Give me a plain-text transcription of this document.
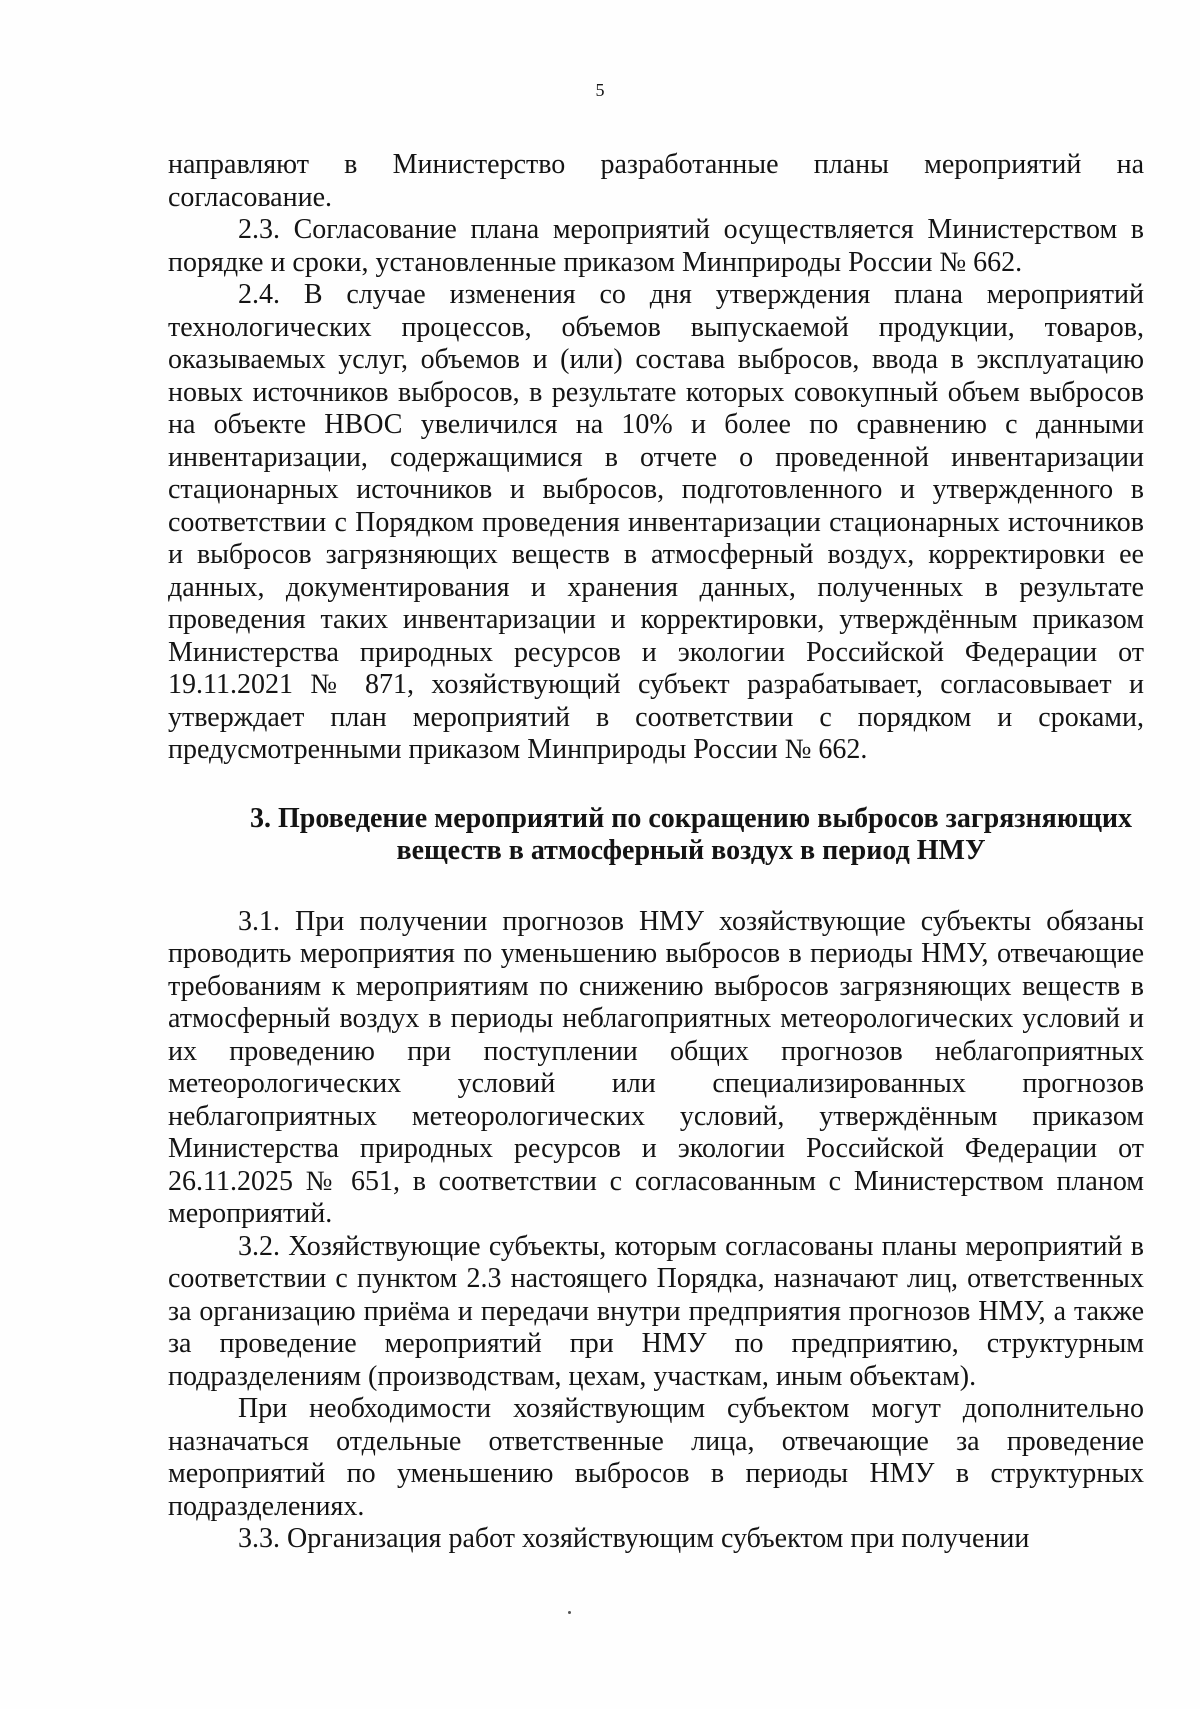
5

направляют в Министерство разработанные планы мероприятий на согласование.

2.3. Согласование плана мероприятий осуществляется Министерством в порядке и сроки, установленные приказом Минприроды России № 662.

2.4. В случае изменения со дня утверждения плана мероприятий технологических процессов, объемов выпускаемой продукции, товаров, оказываемых услуг, объемов и (или) состава выбросов, ввода в эксплуатацию новых источников выбросов, в результате которых совокупный объем выбросов на объекте НВОС увеличился на 10% и более по сравнению с данными инвентаризации, содержащимися в отчете о проведенной инвентаризации стационарных источников и выбросов, подготовленного и утвержденного в соответствии с Порядком проведения инвентаризации стационарных источников и выбросов загрязняющих веществ в атмосферный воздух, корректировки ее данных, документирования и хранения данных, полученных в результате проведения таких инвентаризации и корректировки, утверждённым приказом Министерства природных ресурсов и экологии Российской Федерации от 19.11.2021 № 871, хозяйствующий субъект разрабатывает, согласовывает и утверждает план мероприятий в соответствии с порядком и сроками, предусмотренными приказом Минприроды России № 662.

3. Проведение мероприятий по сокращению выбросов загрязняющих
веществ в атмосферный воздух в период НМУ

3.1. При получении прогнозов НМУ хозяйствующие субъекты обязаны проводить мероприятия по уменьшению выбросов в периоды НМУ, отвечающие требованиям к мероприятиям по снижению выбросов загрязняющих веществ в атмосферный воздух в периоды неблагоприятных метеорологических условий и их проведению при поступлении общих прогнозов неблагоприятных метеорологических условий или специализированных прогнозов неблагоприятных метеорологических условий, утверждённым приказом Министерства природных ресурсов и экологии Российской Федерации от 26.11.2025 № 651, в соответствии с согласованным с Министерством планом мероприятий.

3.2. Хозяйствующие субъекты, которым согласованы планы мероприятий в соответствии с пунктом 2.3 настоящего Порядка, назначают лиц, ответственных за организацию приёма и передачи внутри предприятия прогнозов НМУ, а также за проведение мероприятий при НМУ по предприятию, структурным подразделениям (производствам, цехам, участкам, иным объектам).

При необходимости хозяйствующим субъектом могут дополнительно назначаться отдельные ответственные лица, отвечающие за проведение мероприятий по уменьшению выбросов в периоды НМУ в структурных подразделениях.

3.3. Организация работ хозяйствующим субъектом при получении
